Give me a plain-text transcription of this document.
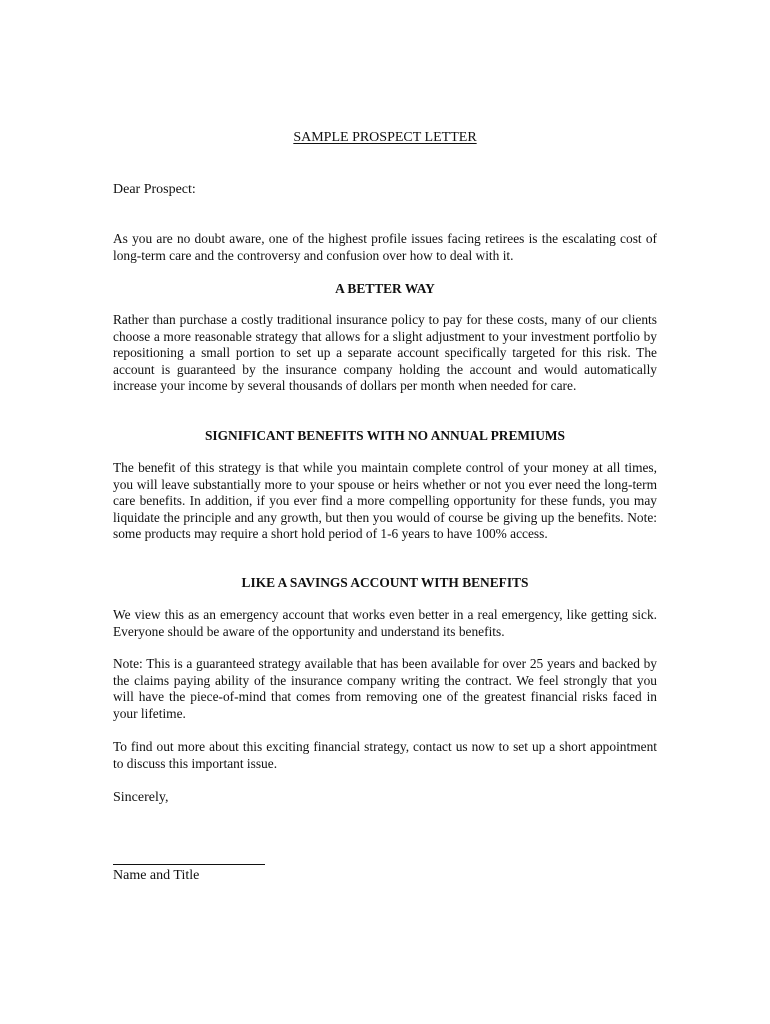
SAMPLE PROSPECT LETTER
Dear Prospect:

As you are no doubt aware, one of the highest profile issues facing retirees is the escalating cost of long-term care and the controversy and confusion over how to deal with it.

A BETTER WAY

Rather than purchase a costly traditional insurance policy to pay for these costs, many of our clients choose a more reasonable strategy that allows for a slight adjustment to your investment portfolio by repositioning a small portion to set up a separate account specifically targeted for this risk. The account is guaranteed by the insurance company holding the account and would automatically increase your income by several thousands of dollars per month when needed for care.

SIGNIFICANT BENEFITS WITH NO ANNUAL PREMIUMS

The benefit of this strategy is that while you maintain complete control of your money at all times, you will leave substantially more to your spouse or heirs whether or not you ever need the long-term care benefits. In addition, if you ever find a more compelling opportunity for these funds, you may liquidate the principle and any growth, but then you would of course be giving up the benefits. Note: some products may require a short hold period of 1-6 years to have 100% access.

LIKE A SAVINGS ACCOUNT WITH BENEFITS

We view this as an emergency account that works even better in a real emergency, like getting sick. Everyone should be aware of the opportunity and understand its benefits.

Note: This is a guaranteed strategy available that has been available for over 25 years and backed by the claims paying ability of the insurance company writing the contract. We feel strongly that you will have the piece-of-mind that comes from removing one of the greatest financial risks faced in your lifetime.

To find out more about this exciting financial strategy, contact us now to set up a short appointment to discuss this important issue.

Sincerely,
Name and Title
